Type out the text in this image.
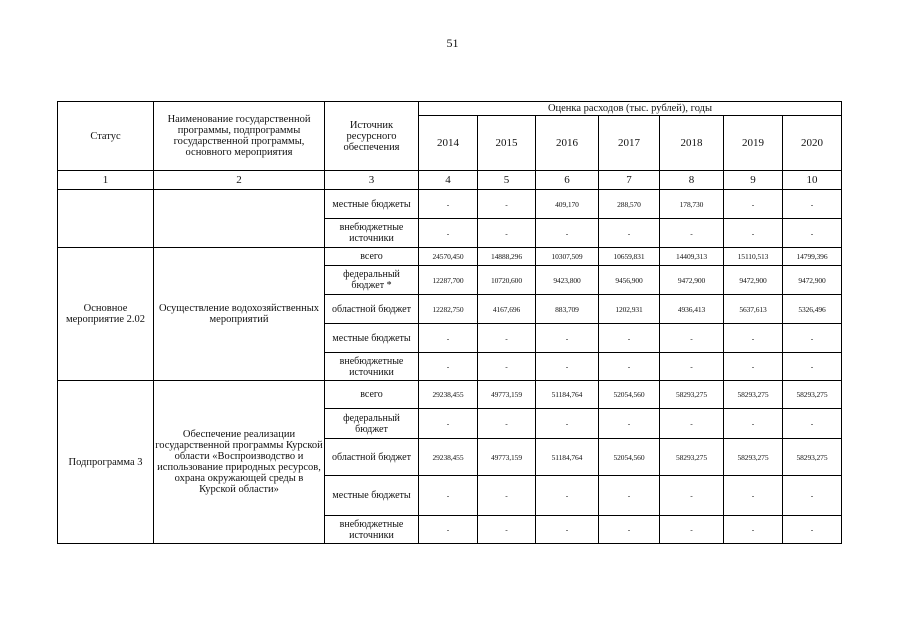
51
Статус	Наименование государственной программы, подпрограммы государственной программы, основного мероприятия	Источник ресурсного обеспечения	Оценка расходов (тыс. рублей), годы						
			2014	2015	2016	2017	2018	2019	2020
1	2	3	4	5	6	7	8	9	10
		местные бюджеты	-	-	409,170	288,570	178,730	-	-
		внебюджетные источники	-	-	-	-	-	-	-
Основное мероприятие 2.02	Осуществление водохозяйственных мероприятий	всего	24570,450	14888,296	10307,509	10659,831	14409,313	15110,513	14799,396
		федеральный бюджет *	12287,700	10720,600	9423,800	9456,900	9472,900	9472,900	9472,900
		областной бюджет	12282,750	4167,696	883,709	1202,931	4936,413	5637,613	5326,496
		местные бюджеты	-	-	-	-	-	-	-
		внебюджетные источники	-	-	-	-	-	-	-
Подпрограмма 3	Обеспечение реализации государственной программы Курской области «Воспроизводство и использование природных ресурсов, охрана окружающей среды в Курской области»	всего	29238,455	49773,159	51184,764	52054,560	58293,275	58293,275	58293,275
		федеральный бюджет	-	-	-	-	-	-	-
		областной бюджет	29238,455	49773,159	51184,764	52054,560	58293,275	58293,275	58293,275
		местные бюджеты	-	-	-	-	-	-	-
		внебюджетные источники	-	-	-	-	-	-	-
